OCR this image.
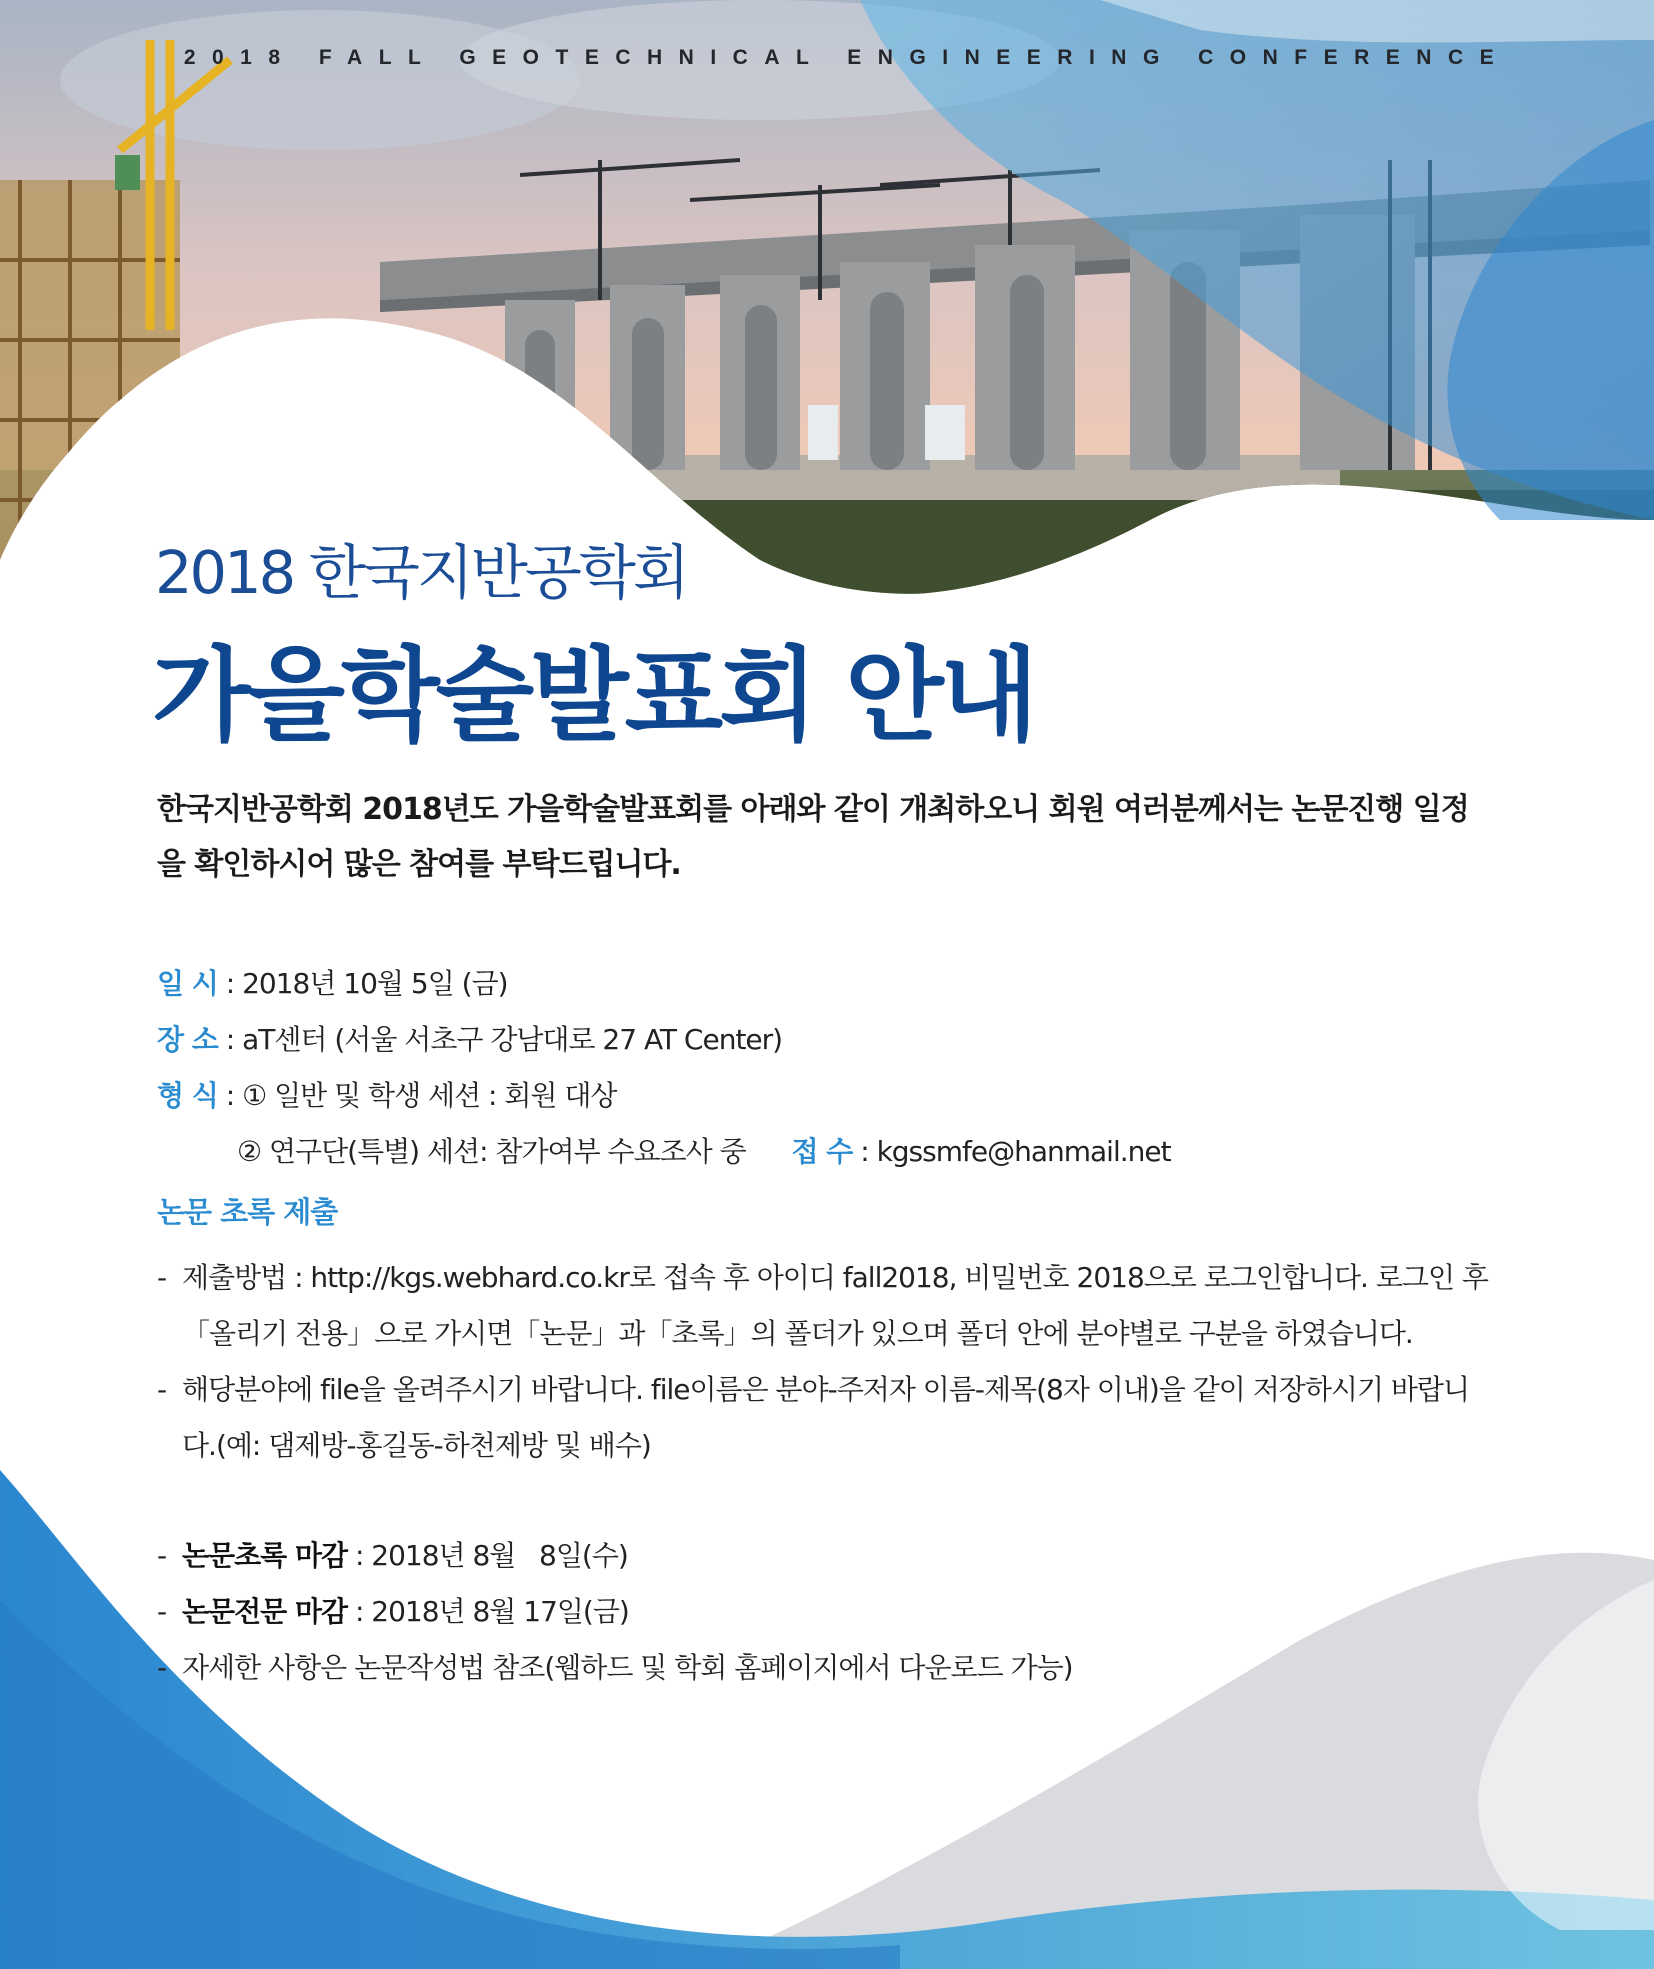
2018 FALL GEOTECHNICAL ENGINEERING CONFERENCE
2018 한국지반공학회
가을학술발표회 안내
한국지반공학회 2018년도 가을학술발표회를 아래와 같이 개최하오니 회원 여러분께서는 논문진행 일정
을 확인하시어 많은 참여를 부탁드립니다.
일 시 : 2018년 10월 5일 (금)
장 소 : aT센터 (서울 서초구 강남대로 27 AT Center)
형 식 : ① 일반 및 학생 세션 : 회원 대상
② 연구단(특별) 세션: 참가여부 수요조사 중 접 수 : kgssmfe@hanmail.net
논문 초록 제출
- 제출방법 : http://kgs.webhard.co.kr로 접속 후 아이디 fall2018, 비밀번호 2018으로 로그인합니다. 로그인 후

「올리기 전용」으로 가시면「논문」과「초록」의 폴더가 있으며 폴더 안에 분야별로 구분을 하였습니다.

- 해당분야에 file을 올려주시기 바랍니다. file이름은 분야-주저자 이름-제목(8자 이내)을 같이 저장하시기 바랍니

다.(예: 댐제방-홍길동-하천제방 및 배수)

- 논문초록 마감 : 2018년 8월   8일(수)

- 논문전문 마감 : 2018년 8월 17일(금)

- 자세한 사항은 논문작성법 참조(웹하드 및 학회 홈페이지에서 다운로드 가능)
